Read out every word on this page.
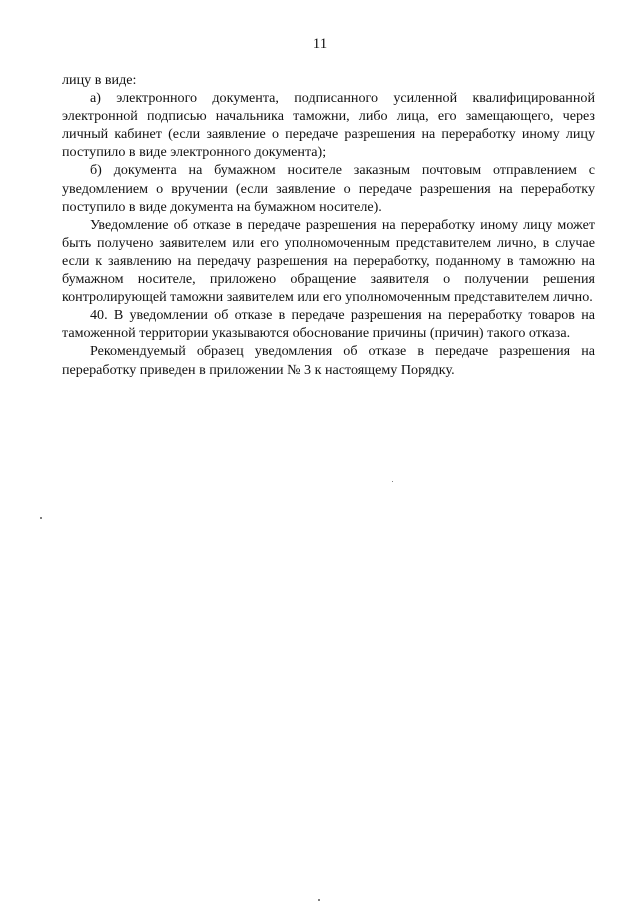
11

лицу в виде:

а) электронного документа, подписанного усиленной квалифицированной электронной подписью начальника таможни, либо лица, его замещающего, через личный кабинет (если заявление о передаче разрешения на переработку иному лицу поступило в виде электронного документа);

б) документа на бумажном носителе заказным почтовым отправлением с уведомлением о вручении (если заявление о передаче разрешения на переработку поступило в виде документа на бумажном носителе).

Уведомление об отказе в передаче разрешения на переработку иному лицу может быть получено заявителем или его уполномоченным представителем лично, в случае если к заявлению на передачу разрешения на переработку, поданному в таможню на бумажном носителе, приложено обращение заявителя о получении решения контролирующей таможни заявителем или его уполномоченным представителем лично.

40. В уведомлении об отказе в передаче разрешения на переработку товаров на таможенной территории указываются обоснование причины (причин) такого отказа.

Рекомендуемый образец уведомления об отказе в передаче разрешения на переработку приведен в приложении № 3 к настоящему Порядку.
